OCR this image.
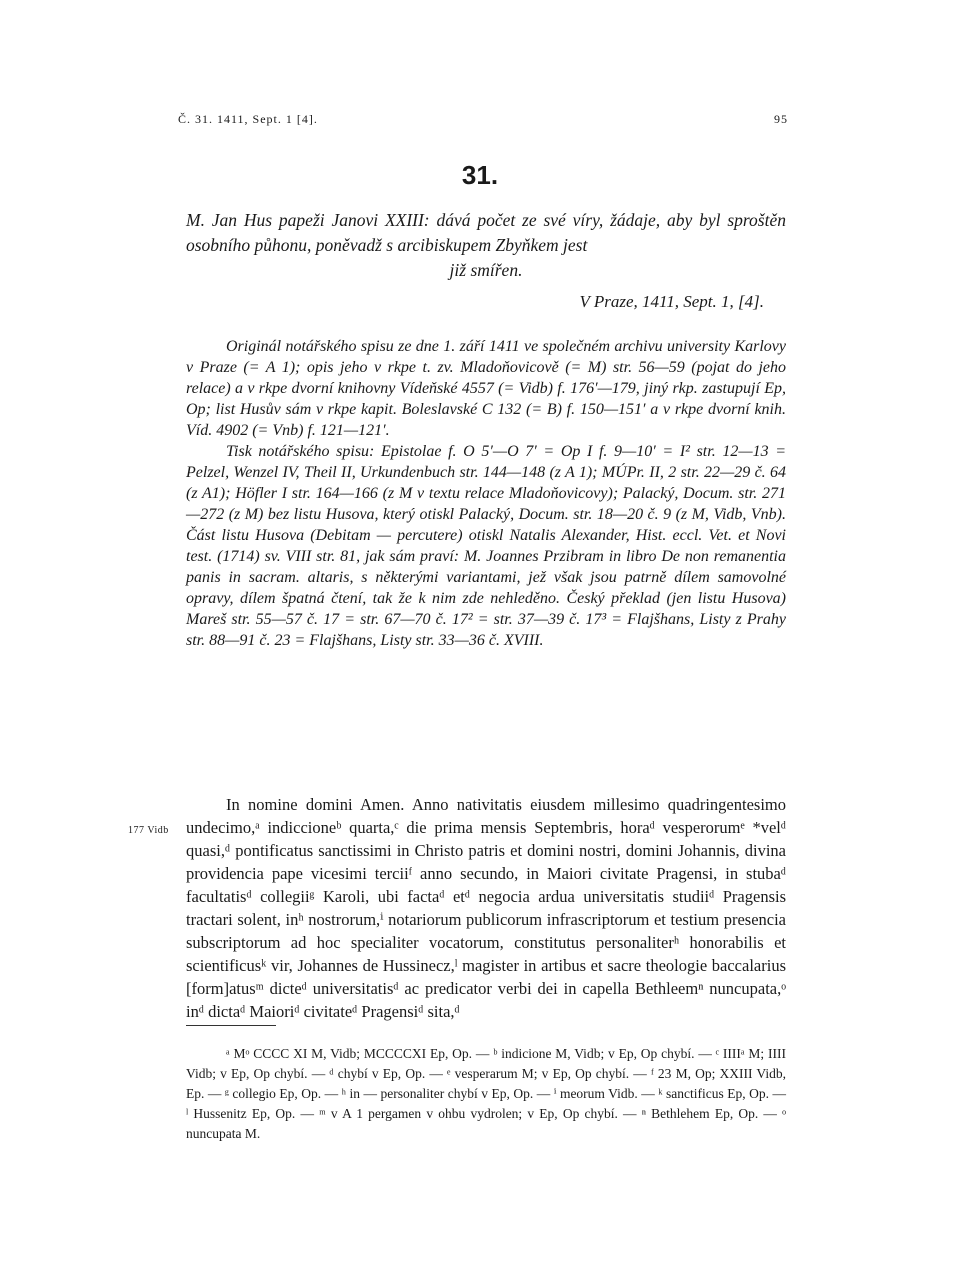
Č. 31. 1411, Sept. 1 [4].	95
31.
M. Jan Hus papeži Janovi XXIII: dává počet ze své víry, žádaje, aby byl sproštěn osobního půhonu, poněvadž s arcibiskupem Zbyňkem jest
již smířen.
V Praze, 1411, Sept. 1, [4].

Originál notářského spisu ze dne 1. září 1411 ve společném archivu university Karlovy v Praze (= A 1); opis jeho v rkpe t. zv. Mladoňovicově (= M) str. 56—59 (pojat do jeho relace) a v rkpe dvorní knihovny Vídeňské 4557 (= Vidb) f. 176′—179, jiný rkp. zastupují Ep, Op; list Husův sám v rkpe kapit. Boleslavské C 132 (= B) f. 150—151′ a v rkpe dvorní knih. Víd. 4902 (= Vnb) f. 121—121′.

Tisk notářského spisu: Epistolae f. O 5′—O 7′ = Op I f. 9—10′ = I² str. 12—13 = Pelzel, Wenzel IV, Theil II, Urkundenbuch str. 144—148 (z A 1); MÚPr. II, 2 str. 22—29 č. 64 (z A1); Höfler I str. 164—166 (z M v textu relace Mladoňovicovy); Palacký, Docum. str. 271—272 (z M) bez listu Husova, který otiskl Palacký, Docum. str. 18—20 č. 9 (z M, Vidb, Vnb). Část listu Husova (Debitam — percutere) otiskl Natalis Alexander, Hist. eccl. Vet. et Novi test. (1714) sv. VIII str. 81, jak sám praví: M. Joannes Przibram in libro De non remanentia panis in sacram. altaris, s některými variantami, jež však jsou patrně dílem samovolné opravy, dílem špatná čtení, tak že k nim zde nehleděno. Český překlad (jen listu Husova) Mareš str. 55—57 č. 17 = str. 67—70 č. 17² = str. 37—39 č. 17³ = Flajšhans, Listy z Prahy str. 88—91 č. 23 = Flajšhans, Listy str. 33—36 č. XVIII.

177 Vidb

In nomine domini Amen. Anno nativitatis eiusdem millesimo quadringentesimo undecimo,ᵃ indiccioneᵇ quarta,ᶜ die prima mensis Septembris, horaᵈ vesperorumᵉ *velᵈ quasi,ᵈ pontificatus sanctissimi in Christo patris et domini nostri, domini Johannis, divina providencia pape vicesimi terciiᶠ anno secundo, in Maiori civitate Pragensi, in stubaᵈ facultatisᵈ collegiiᵍ Karoli, ubi factaᵈ etᵈ negocia ardua universitatis studiiᵈ Pragensis tractari solent, inʰ nostrorum,ⁱ notariorum publicorum infrascriptorum et testium presencia subscriptorum ad hoc specialiter vocatorum, constitutus personaliterʰ honorabilis et scientificusᵏ vir, Johannes de Hussinecz,ˡ magister in artibus et sacre theologie baccalarius [form]atusᵐ dicteᵈ universitatisᵈ ac predicator verbi dei in capella Bethleemⁿ nuncupata,ᵒ inᵈ dictaᵈ Maioriᵈ civitateᵈ Pragensiᵈ sita,ᵈ

ᵃ Mᵒ CCCC XI M, Vidb; MCCCCXI Ep, Op. — ᵇ indicione M, Vidb; v Ep, Op chybí. — ᶜ IIIIᵃ M; IIII Vidb; v Ep, Op chybí. — ᵈ chybí v Ep, Op. — ᵉ vesperarum M; v Ep, Op chybí. — ᶠ 23 M, Op; XXIII Vidb, Ep. — ᵍ collegio Ep, Op. — ʰ in — personaliter chybí v Ep, Op. — ⁱ meorum Vidb. — ᵏ sanctificus Ep, Op. — ˡ Hussenitz Ep, Op. — ᵐ v A 1 pergamen v ohbu vydrolen; v Ep, Op chybí. — ⁿ Bethlehem Ep, Op. — ᵒ nuncupata M.
